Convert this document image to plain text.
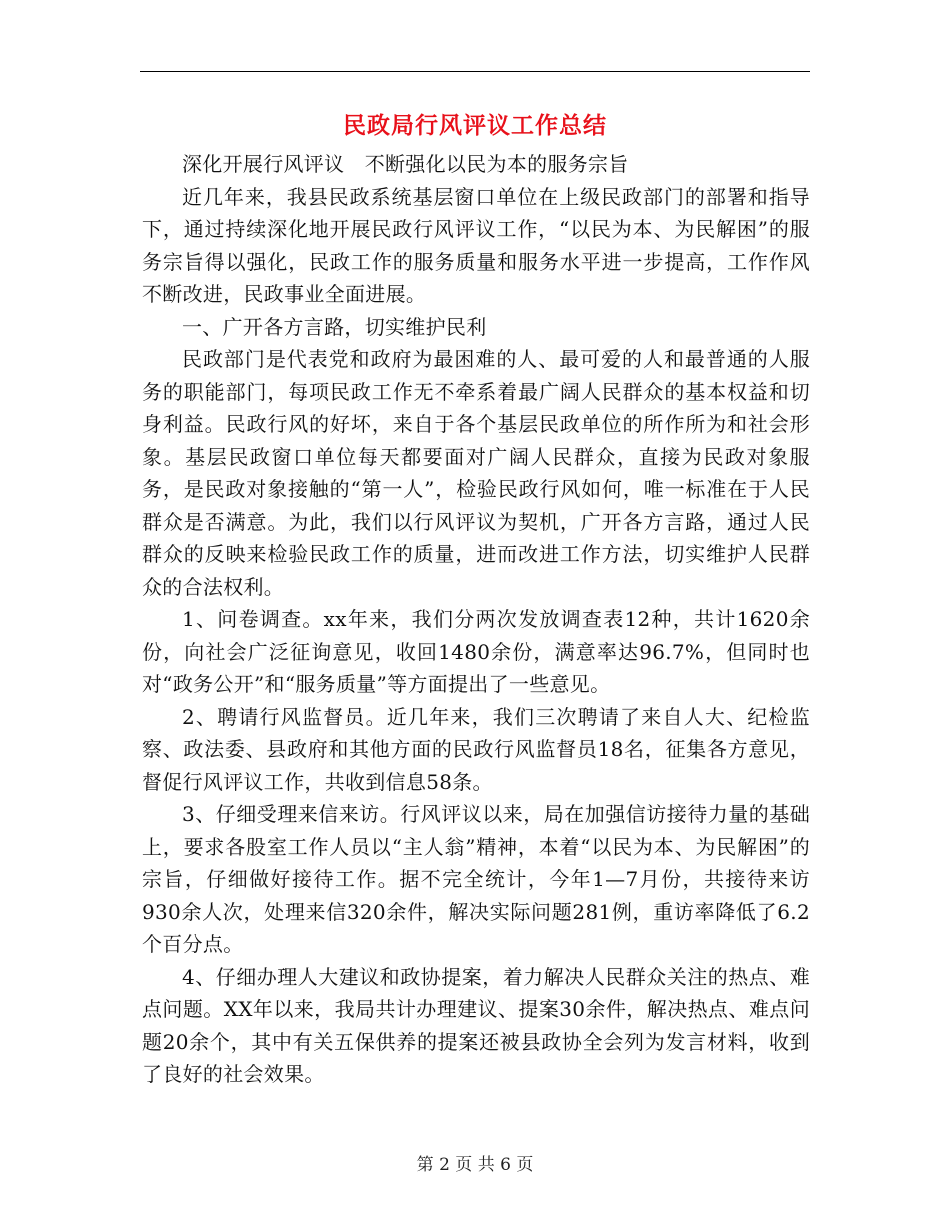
民政局行风评议工作总结

深化开展行风评议　不断强化以民为本的服务宗旨

近几年来，我县民政系统基层窗口单位在上级民政部门的部署和指导下，通过持续深化地开展民政行风评议工作，“以民为本、为民解困”的服务宗旨得以强化，民政工作的服务质量和服务水平进一步提高，工作作风不断改进，民政事业全面进展。

一、广开各方言路，切实维护民利

民政部门是代表党和政府为最困难的人、最可爱的人和最普通的人服务的职能部门，每项民政工作无不牵系着最广阔人民群众的基本权益和切身利益。民政行风的好坏，来自于各个基层民政单位的所作所为和社会形象。基层民政窗口单位每天都要面对广阔人民群众，直接为民政对象服务，是民政对象接触的“第一人”，检验民政行风如何，唯一标准在于人民群众是否满意。为此，我们以行风评议为契机，广开各方言路，通过人民群众的反映来检验民政工作的质量，进而改进工作方法，切实维护人民群众的合法权利。

1、问卷调查。xx年来，我们分两次发放调查表12种，共计1620余份，向社会广泛征询意见，收回1480余份，满意率达96.7%，但同时也对“政务公开”和“服务质量”等方面提出了一些意见。

2、聘请行风监督员。近几年来，我们三次聘请了来自人大、纪检监察、政法委、县政府和其他方面的民政行风监督员18名，征集各方意见，督促行风评议工作，共收到信息58条。

3、仔细受理来信来访。行风评议以来，局在加强信访接待力量的基础上，要求各股室工作人员以“主人翁”精神，本着“以民为本、为民解困”的宗旨，仔细做好接待工作。据不完全统计，今年1—7月份，共接待来访930余人次，处理来信320余件，解决实际问题281例，重访率降低了6.2个百分点。

4、仔细办理人大建议和政协提案，着力解决人民群众关注的热点、难点问题。XX年以来，我局共计办理建议、提案30余件，解决热点、难点问题20余个，其中有关五保供养的提案还被县政协全会列为发言材料，收到了良好的社会效果。

第 2 页 共 6 页
